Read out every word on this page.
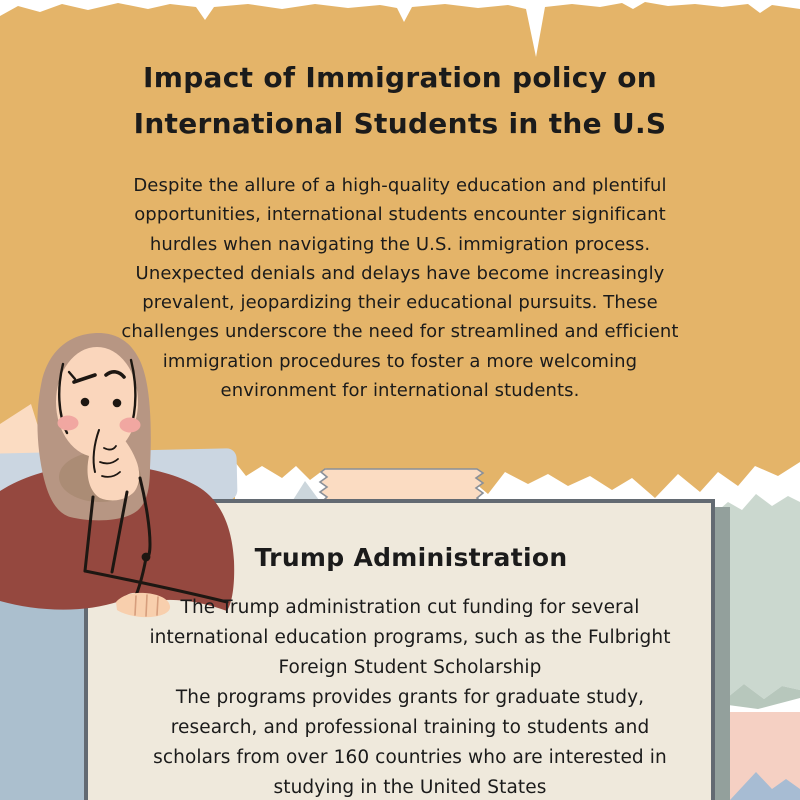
Impact of Immigration policy on
International Students in the U.S
Despite the allure of a high-quality education and plentiful
opportunities, international students encounter significant
hurdles when navigating the U.S. immigration process.
Unexpected denials and delays have become increasingly
prevalent, jeopardizing their educational pursuits. These
challenges underscore the need for streamlined and efficient
immigration procedures to foster a more welcoming
environment for international students.
Trump Administration
The Trump administration cut funding for several
international education programs, such as the Fulbright
Foreign Student Scholarship
The programs provides grants for graduate study,
research, and professional training to students and
scholars from over 160 countries who are interested in
studying in the United States
